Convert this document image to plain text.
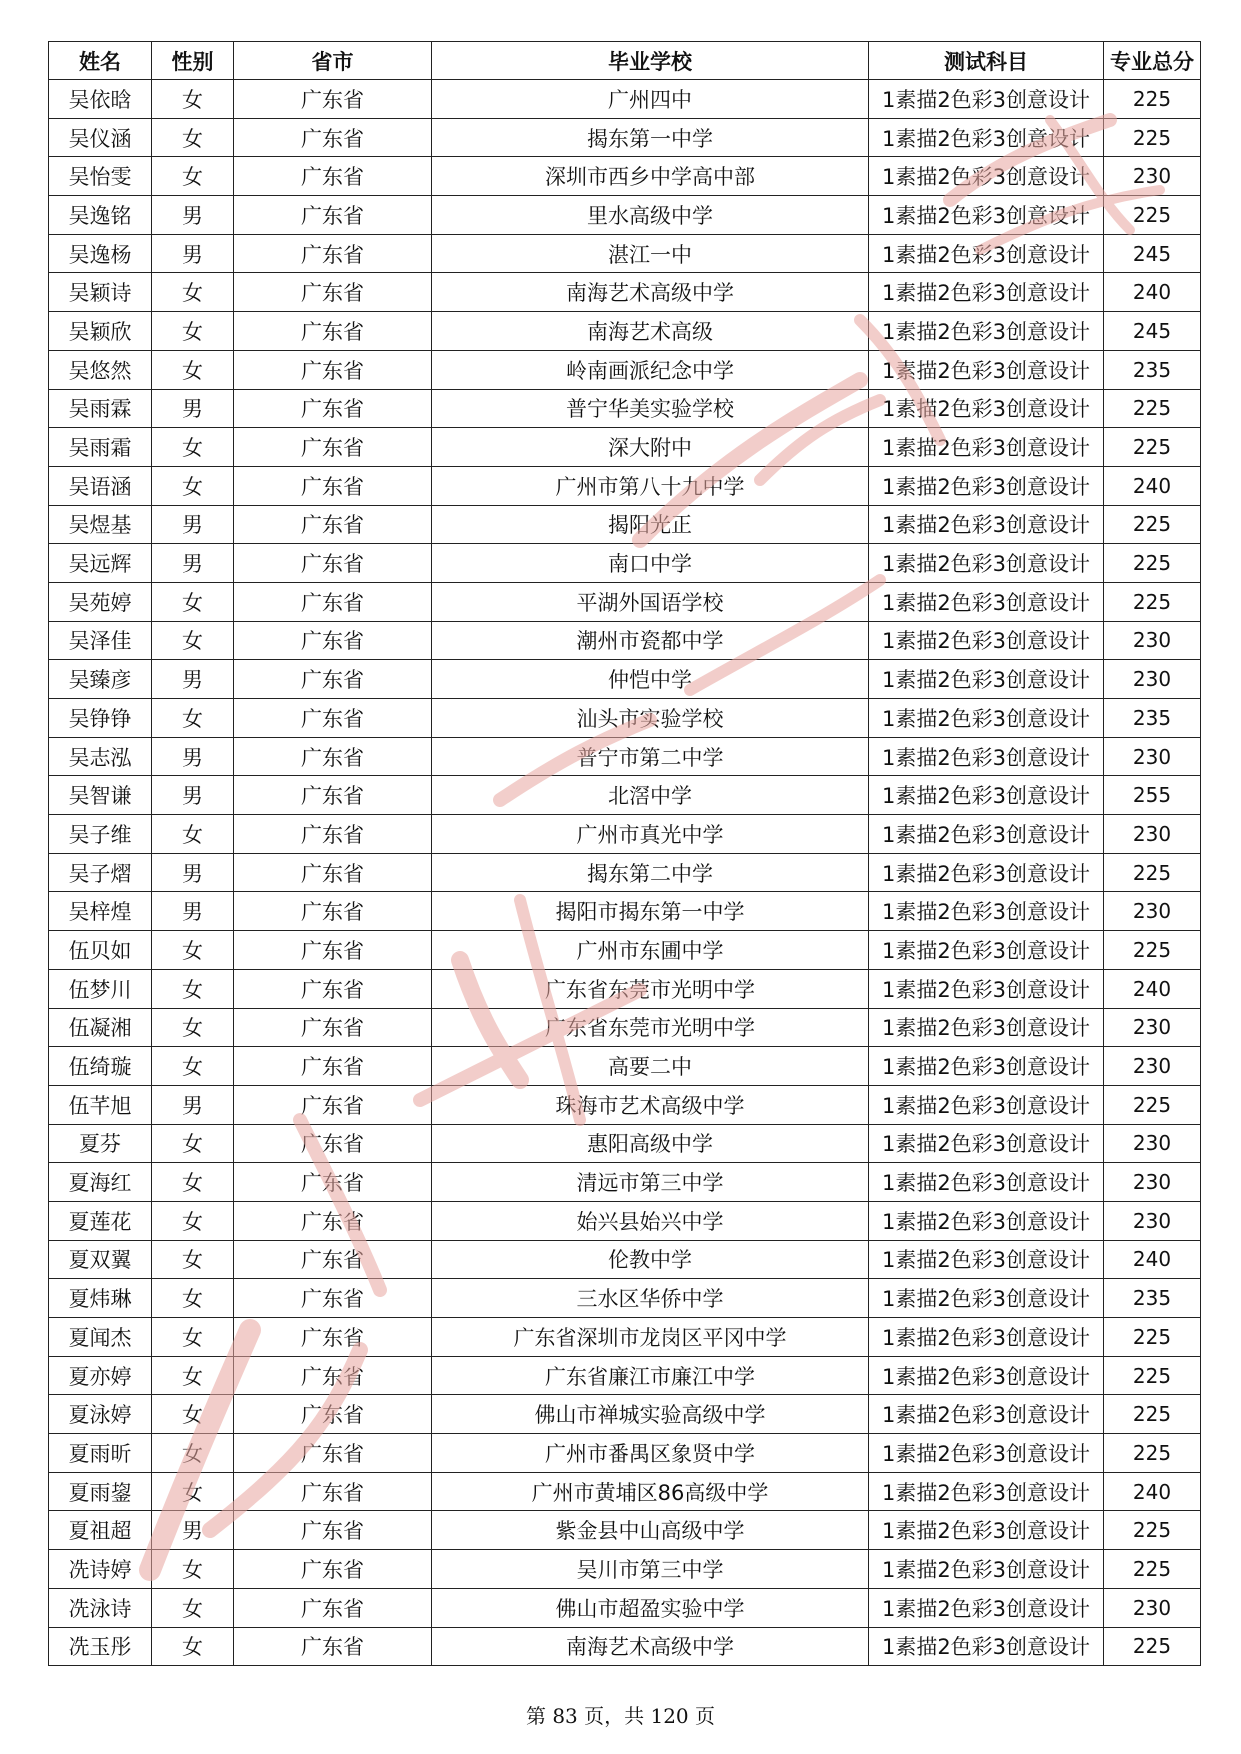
姓名	性别	省市	毕业学校	测试科目	专业总分
吴依晗	女	广东省	广州四中	1素描2色彩3创意设计	225
吴仪涵	女	广东省	揭东第一中学	1素描2色彩3创意设计	225
吴怡雯	女	广东省	深圳市西乡中学高中部	1素描2色彩3创意设计	230
吴逸铭	男	广东省	里水高级中学	1素描2色彩3创意设计	225
吴逸杨	男	广东省	湛江一中	1素描2色彩3创意设计	245
吴颖诗	女	广东省	南海艺术高级中学	1素描2色彩3创意设计	240
吴颖欣	女	广东省	南海艺术高级	1素描2色彩3创意设计	245
吴悠然	女	广东省	岭南画派纪念中学	1素描2色彩3创意设计	235
吴雨霖	男	广东省	普宁华美实验学校	1素描2色彩3创意设计	225
吴雨霜	女	广东省	深大附中	1素描2色彩3创意设计	225
吴语涵	女	广东省	广州市第八十九中学	1素描2色彩3创意设计	240
吴煜基	男	广东省	揭阳光正	1素描2色彩3创意设计	225
吴远辉	男	广东省	南口中学	1素描2色彩3创意设计	225
吴苑婷	女	广东省	平湖外国语学校	1素描2色彩3创意设计	225
吴泽佳	女	广东省	潮州市瓷都中学	1素描2色彩3创意设计	230
吴臻彦	男	广东省	仲恺中学	1素描2色彩3创意设计	230
吴铮铮	女	广东省	汕头市实验学校	1素描2色彩3创意设计	235
吴志泓	男	广东省	普宁市第二中学	1素描2色彩3创意设计	230
吴智谦	男	广东省	北滘中学	1素描2色彩3创意设计	255
吴子维	女	广东省	广州市真光中学	1素描2色彩3创意设计	230
吴子熠	男	广东省	揭东第二中学	1素描2色彩3创意设计	225
吴梓煌	男	广东省	揭阳市揭东第一中学	1素描2色彩3创意设计	230
伍贝如	女	广东省	广州市东圃中学	1素描2色彩3创意设计	225
伍梦川	女	广东省	广东省东莞市光明中学	1素描2色彩3创意设计	240
伍凝湘	女	广东省	广东省东莞市光明中学	1素描2色彩3创意设计	230
伍绮璇	女	广东省	高要二中	1素描2色彩3创意设计	230
伍芊旭	男	广东省	珠海市艺术高级中学	1素描2色彩3创意设计	225
夏芬	女	广东省	惠阳高级中学	1素描2色彩3创意设计	230
夏海红	女	广东省	清远市第三中学	1素描2色彩3创意设计	230
夏莲花	女	广东省	始兴县始兴中学	1素描2色彩3创意设计	230
夏双翼	女	广东省	伦教中学	1素描2色彩3创意设计	240
夏炜琳	女	广东省	三水区华侨中学	1素描2色彩3创意设计	235
夏闻杰	女	广东省	广东省深圳市龙岗区平冈中学	1素描2色彩3创意设计	225
夏亦婷	女	广东省	广东省廉江市廉江中学	1素描2色彩3创意设计	225
夏泳婷	女	广东省	佛山市禅城实验高级中学	1素描2色彩3创意设计	225
夏雨昕	女	广东省	广州市番禺区象贤中学	1素描2色彩3创意设计	225
夏雨鋆	女	广东省	广州市黄埔区86高级中学	1素描2色彩3创意设计	240
夏祖超	男	广东省	紫金县中山高级中学	1素描2色彩3创意设计	225
冼诗婷	女	广东省	吴川市第三中学	1素描2色彩3创意设计	225
冼泳诗	女	广东省	佛山市超盈实验中学	1素描2色彩3创意设计	230
冼玉彤	女	广东省	南海艺术高级中学	1素描2色彩3创意设计	225
第 83 页，共 120 页
